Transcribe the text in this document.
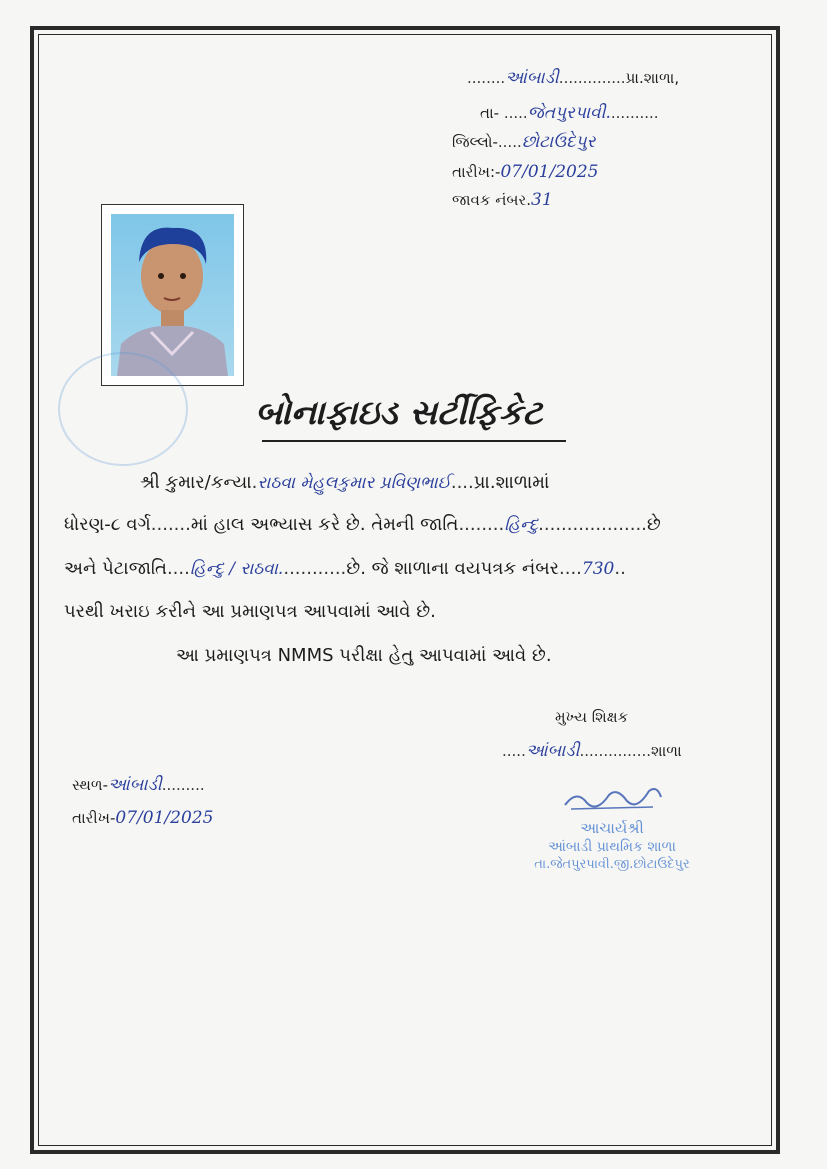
........આંબાડી..............પ્રા.શાળા,
તા- .....જેતપુરપાવી...........
જિલ્લો-.....છોટાઉદેપુર
તારીખ:-07/01/2025
જાવક નંબર.31
બોનાફાઇડ સર્ટીફિકેટ
શ્રી કુમાર/કન્યા.રાઠવા મેહુલકુમાર પ્રવિણભાઈ....પ્રા.શાળામાં
ધોરણ-૮ વર્ગ.......માં હાલ અભ્યાસ કરે છે. તેમની જાતિ........હિન્દુ...................છે
અને પેટાજાતિ....હિન્દુ / રાઠવા............છે. જે શાળાના વયપત્રક નંબર....730..
પરથી ખરાઇ કરીને આ પ્રમાણપત્ર આપવામાં આવે છે.
આ પ્રમાણપત્ર NMMS પરીક્ષા હેતુ આપવામાં આવે છે.
મુખ્ય શિક્ષક
.....આંબાડી...............શાળા
સ્થળ-આંબાડી.........
તારીખ-07/01/2025	આચાર્યશ્રી
આંબાડી પ્રાથમિક શાળા
તા.જેતપુરપાવી.જી.છોટાઉદેપુર
